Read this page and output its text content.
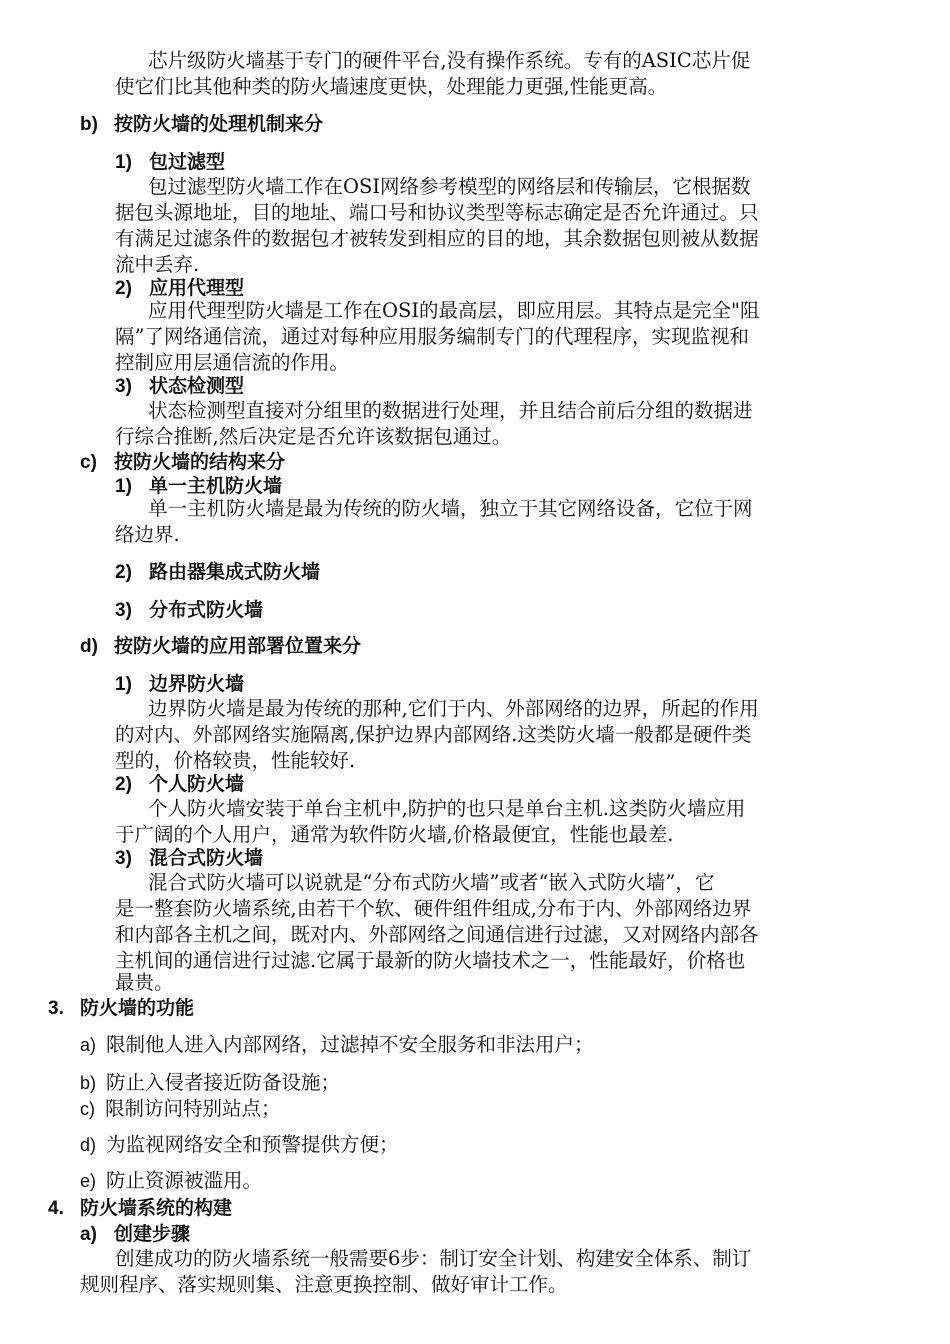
芯片级防火墙基于专门的硬件平台,没有操作系统。专有的ASIC芯片促
使它们比其他种类的防火墙速度更快，处理能力更强,性能更高。
b) 按防火墙的处理机制来分
1) 包过滤型
包过滤型防火墙工作在OSI网络参考模型的网络层和传输层，它根据数
据包头源地址，目的地址、端口号和协议类型等标志确定是否允许通过。只
有满足过滤条件的数据包才被转发到相应的目的地，其余数据包则被从数据
流中丢弃.
2) 应用代理型
应用代理型防火墙是工作在OSI的最高层，即应用层。其特点是完全"阻
隔”了网络通信流，通过对每种应用服务编制专门的代理程序，实现监视和
控制应用层通信流的作用。
3) 状态检测型
状态检测型直接对分组里的数据进行处理，并且结合前后分组的数据进
行综合推断,然后决定是否允许该数据包通过。
c) 按防火墙的结构来分
1) 单一主机防火墙
单一主机防火墙是最为传统的防火墙，独立于其它网络设备，它位于网
络边界.
2) 路由器集成式防火墙
3) 分布式防火墙
d) 按防火墙的应用部署位置来分
1) 边界防火墙
边界防火墙是最为传统的那种,它们于内、外部网络的边界，所起的作用
的对内、外部网络实施隔离,保护边界内部网络.这类防火墙一般都是硬件类
型的，价格较贵，性能较好.
2) 个人防火墙
个人防火墙安装于单台主机中,防护的也只是单台主机.这类防火墙应用
于广阔的个人用户，通常为软件防火墙,价格最便宜，性能也最差.
3) 混合式防火墙
混合式防火墙可以说就是“分布式防火墙”或者“嵌入式防火墙”，它
是一整套防火墙系统,由若干个软、硬件组件组成,分布于内、外部网络边界
和内部各主机之间，既对内、外部网络之间通信进行过滤，又对网络内部各
主机间的通信进行过滤.它属于最新的防火墙技术之一，性能最好，价格也
最贵。
3. 防火墙的功能
a) 限制他人进入内部网络，过滤掉不安全服务和非法用户；
b) 防止入侵者接近防备设施；
c) 限制访问特别站点；
d) 为监视网络安全和预警提供方便；
e) 防止资源被滥用。
4. 防火墙系统的构建
a) 创建步骤
创建成功的防火墙系统一般需要6步：制订安全计划、构建安全体系、制订
规则程序、落实规则集、注意更换控制、做好审计工作。
